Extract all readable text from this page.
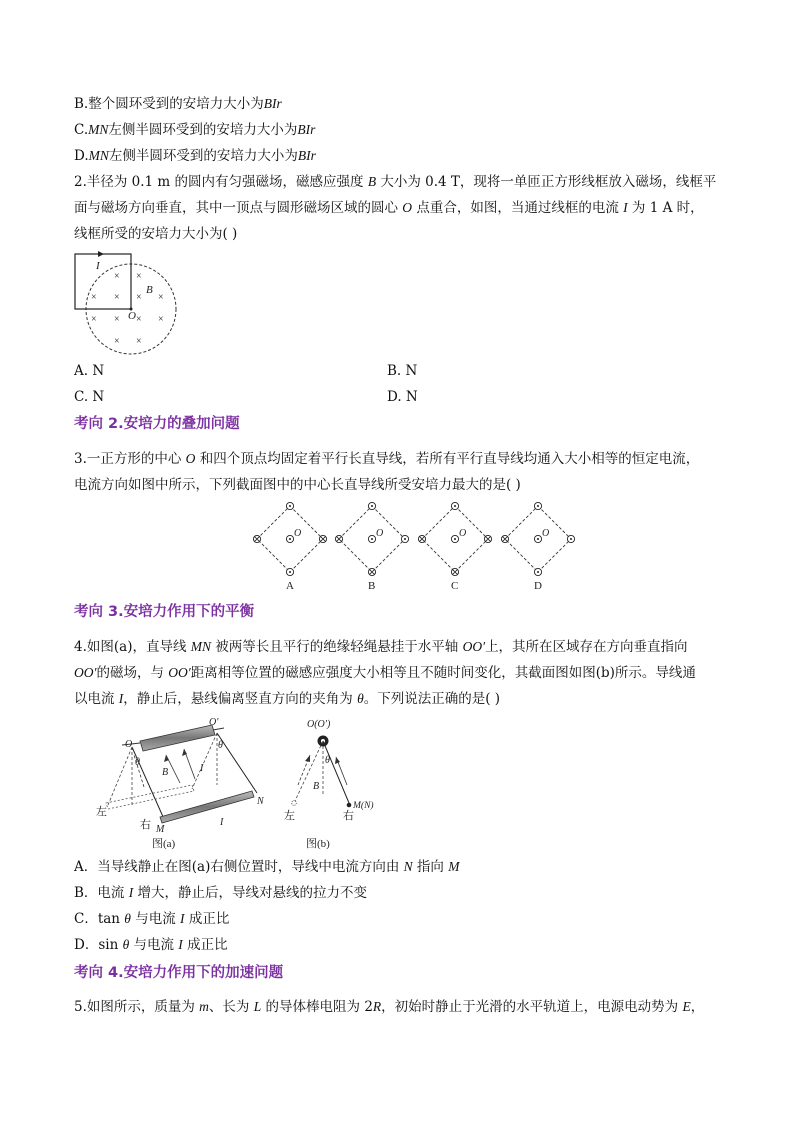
B.整个圆环受到的安培力大小为BIr
C.MN左侧半圆环受到的安培力大小为BIr
D.MN左侧半圆环受到的安培力大小为BIr
2.半径为 0.1 m 的圆内有匀强磁场，磁感应强度 B 大小为 0.4 T，现将一单匝正方形线框放入磁场，线框平
面与磁场方向垂直，其中一顶点与圆形磁场区域的圆心 O 点重合，如图，当通过线框的电流 I 为 1 A 时，
线框所受的安培力大小为( )
I
B
O
× ×
× × × ×
× × × ×
× ×
A. N	B. N
C. N	D. N
考向 2.安培力的叠加问题
3.一正方形的中心 O 和四个顶点均固定着平行长直导线，若所有平行直导线均通入大小相等的恒定电流，
电流方向如图中所示，下列截面图中的中心长直导线所受安培力最大的是( )
O
A
O
B
O
C
O
D
考向 3.安培力作用下的平衡
4.如图(a)，直导线 MN 被两等长且平行的绝缘轻绳悬挂于水平轴 OO′上，其所在区域存在方向垂直指向
OO′的磁场，与 OO′距离相等位置的磁感应强度大小相等且不随时间变化，其截面图如图(b)所示。导线通
以电流 I，静止后，悬线偏离竖直方向的夹角为 θ。下列说法正确的是( )
O
O′
θ
θ
B	I
I
N
M
左
右
图(a)
O(O′)
θ
B
M(N)
左	右
图(b)
A．当导线静止在图(a)右侧位置时，导线中电流方向由 N 指向 M
B．电流 I 增大，静止后，导线对悬线的拉力不变
C．tan θ 与电流 I 成正比
D．sin θ 与电流 I 成正比
考向 4.安培力作用下的加速问题
5.如图所示，质量为 m、长为 L 的导体棒电阻为 2R，初始时静止于光滑的水平轨道上，电源电动势为 E，
